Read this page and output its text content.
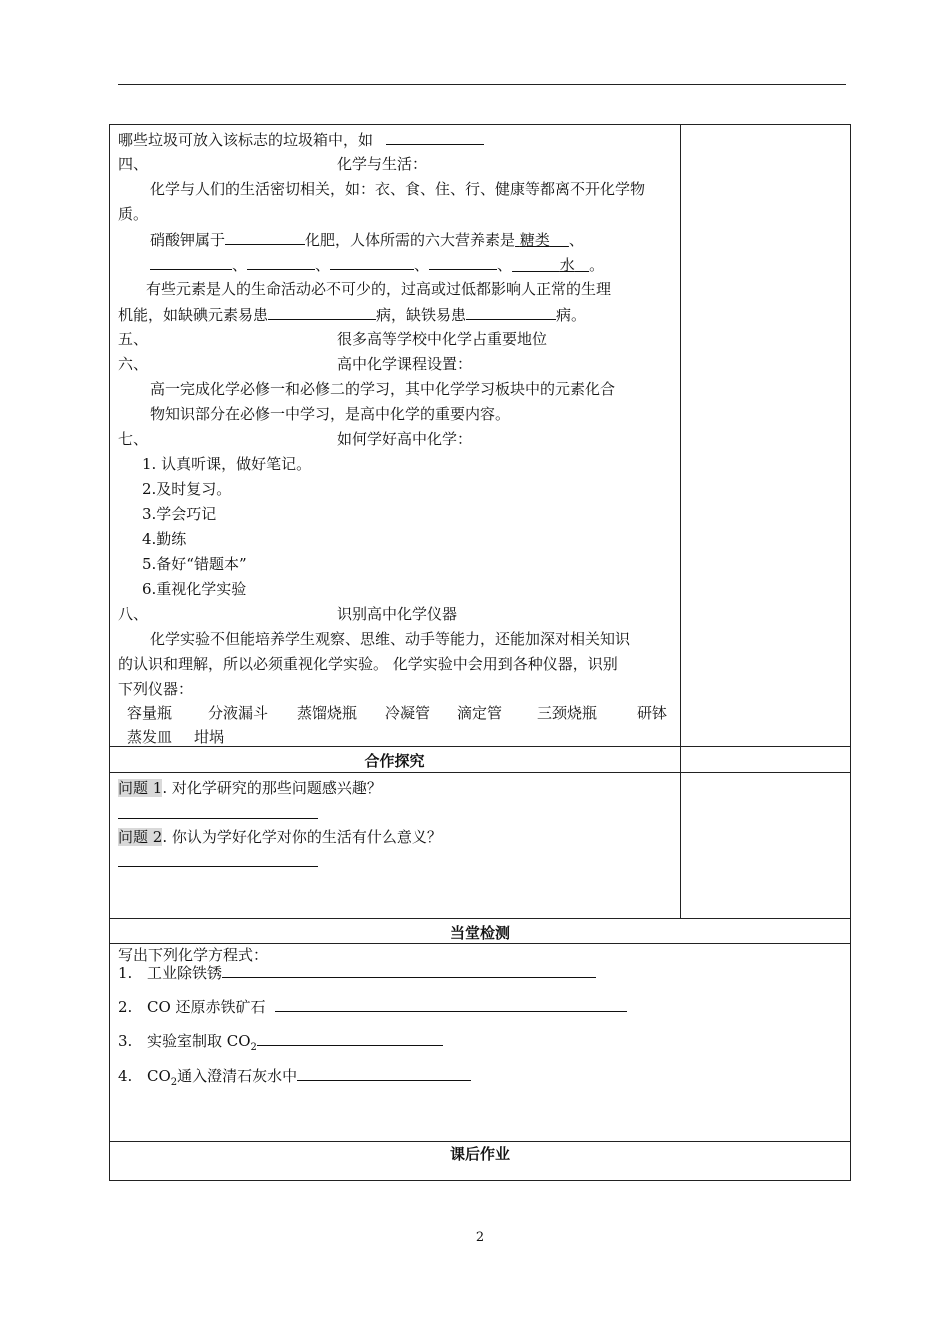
哪些垃圾可放入该标志的垃圾箱中，如
四、	化学与生活：
化学与人们的生活密切相关，如：衣、食、住、行、健康等都离不开化学物
质。
硝酸钾属于	化肥，人体所需的六大营养素是 糖类 、
、	、	、	、	水 。
有些元素是人的生命活动必不可少的，过高或过低都影响人正常的生理
机能，如缺碘元素易患	病，缺铁易患	病。
五、	很多高等学校中化学占重要地位
六、	高中化学课程设置：
高一完成化学必修一和必修二的学习，其中化学学习板块中的元素化合
物知识部分在必修一中学习，是高中化学的重要内容。
七、	如何学好高中化学：
1. 认真听课，做好笔记。
2.及时复习。
3.学会巧记
4.勤练
5.备好“错题本”
6.重视化学实验
八、	识别高中化学仪器
化学实验不但能培养学生观察、思维、动手等能力，还能加深对相关知识
的认识和理解，所以必须重视化学实验。 化学实验中会用到各种仪器，识别
下列仪器：
容量瓶 分液漏斗 蒸馏烧瓶 冷凝管 滴定管 三颈烧瓶	研钵
蒸发皿 坩埚
合作探究
问题 1. 对化学研究的那些问题感兴趣？
问题 2. 你认为学好化学对你的生活有什么意义？
当堂检测
写出下列化学方程式：
1. 工业除铁锈
2. CO 还原赤铁矿石
3. 实验室制取 $CO_2$
4. $CO_2$通入澄清石灰水中
课后作业
2
